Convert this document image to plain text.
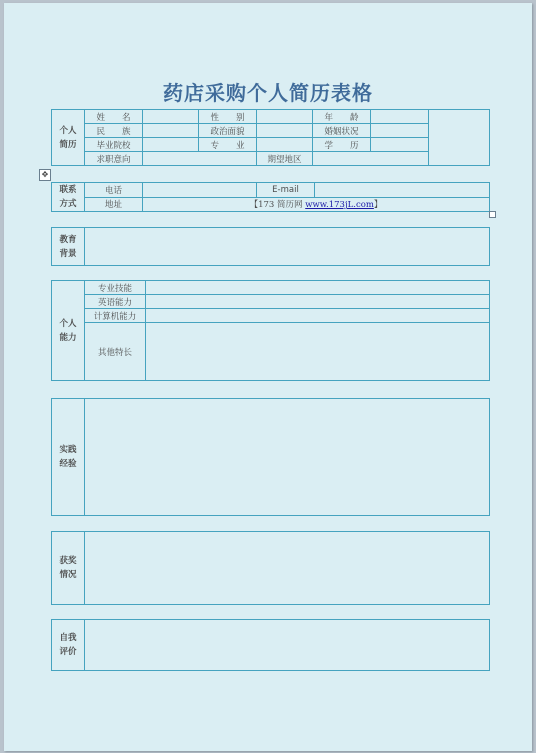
药店采购个人简历表格
✥
个人
简历	姓　　名		性　　别		年　　龄		
	民　　族		政治面貌		婚姻状况		
	毕业院校		专　　业		学　　历		
	求职意向			期望地区			
联系
方式	电话		E-mail	
	地址	【173 简历网 www.173jL.com】		
教育
背景	
个人
能力	专业技能	
	英语能力	
	计算机能力	
	其他特长	
实践
经验	
获奖
情况	
自我
评价	
